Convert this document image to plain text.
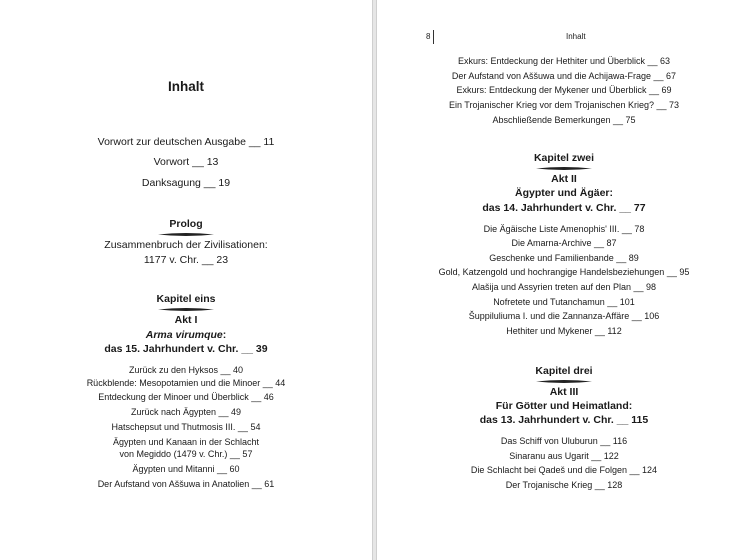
Inhalt
Vorwort zur deutschen Ausgabe __ 11
Vorwort __ 13
Danksagung __ 19
Prolog
Zusammenbruch der Zivilisationen:
1177 v. Chr. __ 23
Kapitel eins
Akt I
Arma virumque:
das 15. Jahrhundert v. Chr. __ 39
Zurück zu den Hyksos __ 40
Rückblende: Mesopotamien und die Minoer __ 44
Entdeckung der Minoer und Überblick __ 46
Zurück nach Ägypten __ 49
Hatschepsut und Thutmosis III. __ 54
Ägypten und Kanaan in der Schlacht
von Megiddo (1479 v. Chr.) __ 57
Ägypten und Mitanni __ 60
Der Aufstand von Aššuwa in Anatolien __ 61
8	Inhalt
Exkurs: Entdeckung der Hethiter und Überblick __ 63
Der Aufstand von Aššuwa und die Achijawa-Frage __ 67
Exkurs: Entdeckung der Mykener und Überblick __ 69
Ein Trojanischer Krieg vor dem Trojanischen Krieg? __ 73
Abschließende Bemerkungen __ 75
Kapitel zwei
Akt II
Ägypter und Ägäer:
das 14. Jahrhundert v. Chr. __ 77
Die Ägäische Liste Amenophis' III. __ 78
Die Amarna-Archive __ 87
Geschenke und Familienbande __ 89
Gold, Katzengold und hochrangige Handelsbeziehungen __ 95
Alašija und Assyrien treten auf den Plan __ 98
Nofretete und Tutanchamun __ 101
Šuppiluliuma I. und die Zannanza-Affäre __ 106
Hethiter und Mykener __ 112
Kapitel drei
Akt III
Für Götter und Heimatland:
das 13. Jahrhundert v. Chr. __ 115
Das Schiff von Uluburun __ 116
Sinaranu aus Ugarit __ 122
Die Schlacht bei Qadeš und die Folgen __ 124
Der Trojanische Krieg __ 128
